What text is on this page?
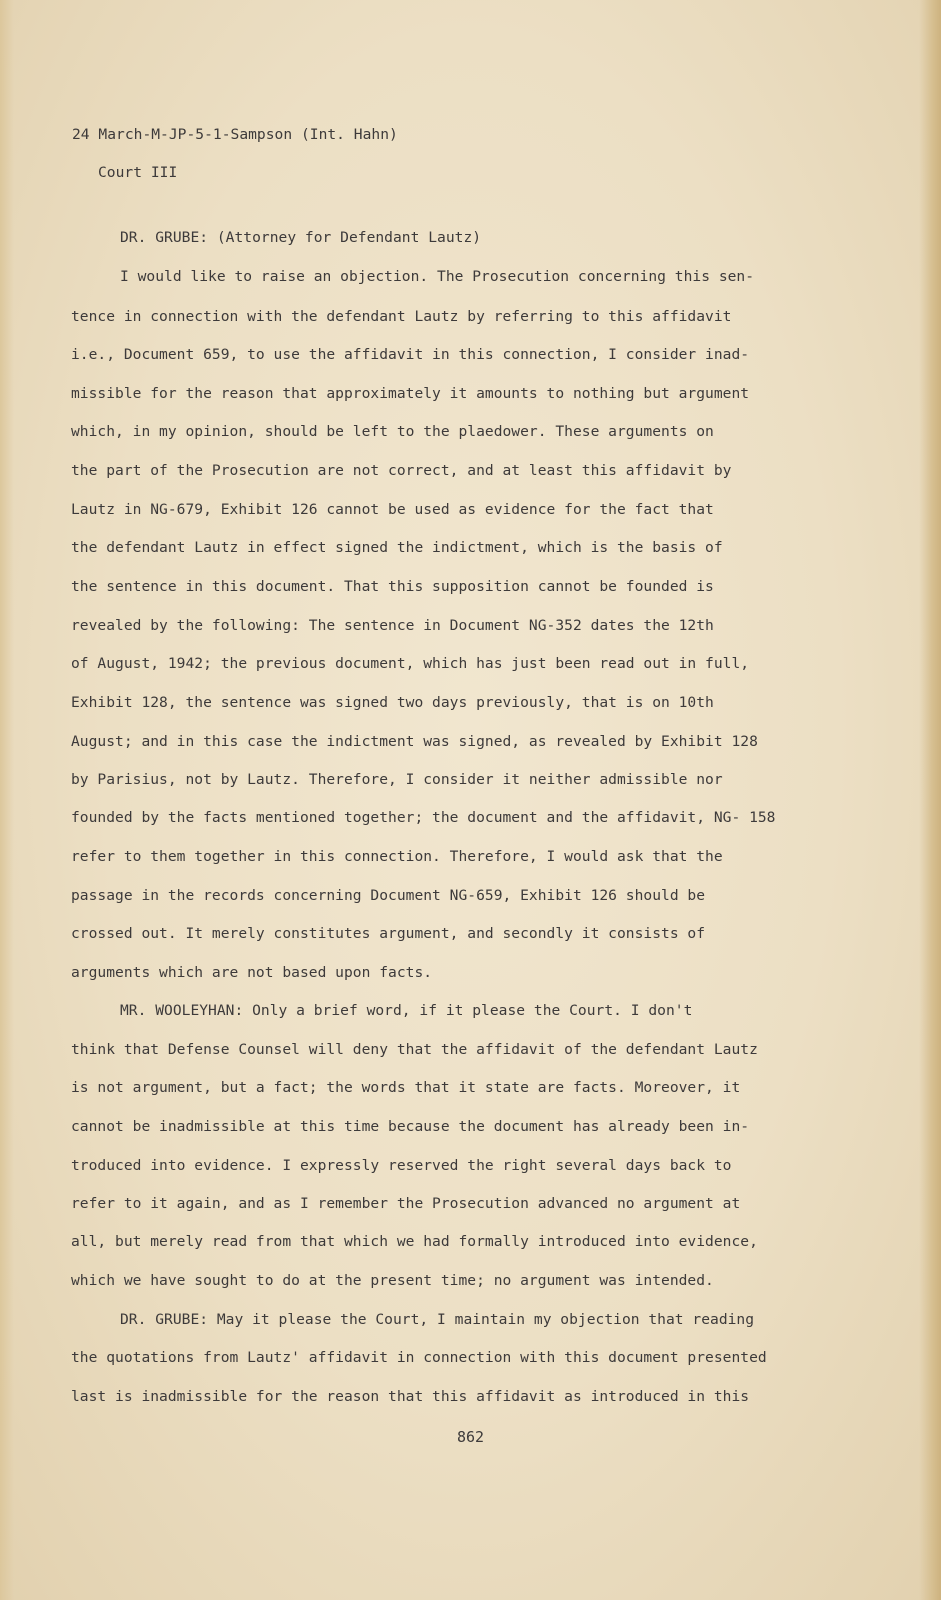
24 March-M-JP-5-1-Sampson (Int. Hahn)
Court III
DR. GRUBE: (Attorney for Defendant Lautz)
I would like to raise an objection. The Prosecution concerning this sen-
tence in connection with the defendant Lautz by referring to this affidavit
i.e., Document 659, to use the affidavit in this connection, I consider inad-
missible for the reason that approximately it amounts to nothing but argument
which, in my opinion, should be left to the plaedower. These arguments on
the part of the Prosecution are not correct, and at least this affidavit by
Lautz in NG-679, Exhibit 126 cannot be used as evidence for the fact that
the defendant Lautz in effect signed the indictment, which is the basis of
the sentence in this document. That this supposition cannot be founded is
revealed by the following: The sentence in Document NG-352 dates the 12th
of August, 1942; the previous document, which has just been read out in full,
Exhibit 128, the sentence was signed two days previously, that is on 10th
August; and in this case the indictment was signed, as revealed by Exhibit 128
by Parisius, not by Lautz. Therefore, I consider it neither admissible nor
founded by the facts mentioned together; the document and the affidavit, NG- 158
refer to them together in this connection. Therefore, I would ask that the
passage in the records concerning Document NG-659, Exhibit 126 should be
crossed out. It merely constitutes argument, and secondly it consists of
arguments which are not based upon facts.
MR. WOOLEYHAN: Only a brief word, if it please the Court. I don't
think that Defense Counsel will deny that the affidavit of the defendant Lautz
is not argument, but a fact; the words that it state are facts. Moreover, it
cannot be inadmissible at this time because the document has already been in-
troduced into evidence. I expressly reserved the right several days back to
refer to it again, and as I remember the Prosecution advanced no argument at
all, but merely read from that which we had formally introduced into evidence,
which we have sought to do at the present time; no argument was intended.
DR. GRUBE: May it please the Court, I maintain my objection that reading
the quotations from Lautz' affidavit in connection with this document presented
last is inadmissible for the reason that this affidavit as introduced in this
862
